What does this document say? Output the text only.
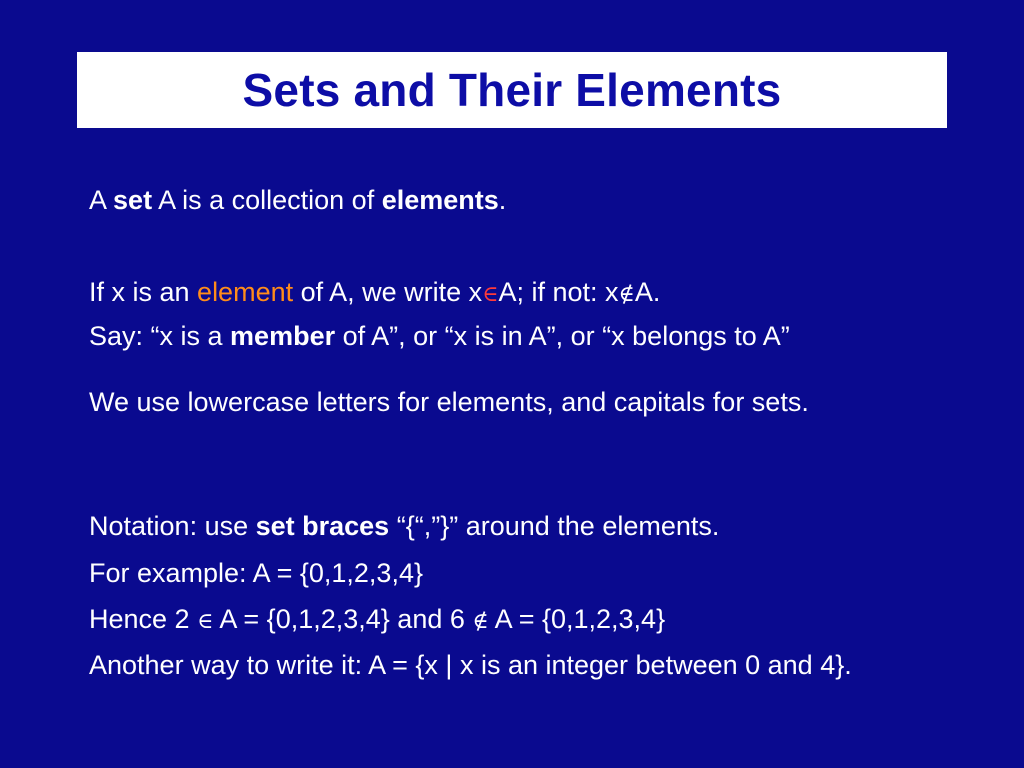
Sets and Their Elements
A set A is a collection of elements.
If x is an element of A, we write x∈A; if not: x∉A.
Say: “x is a member of A”, or “x is in A”, or “x belongs to A”
We use lowercase letters for elements, and capitals for sets.
Notation: use set braces “{“,”}” around the elements.
For example: A = {0,1,2,3,4}
Hence 2 ∈ A = {0,1,2,3,4} and 6 ∉ A = {0,1,2,3,4}
Another way to write it: A = {x | x is an integer between 0 and 4}.
